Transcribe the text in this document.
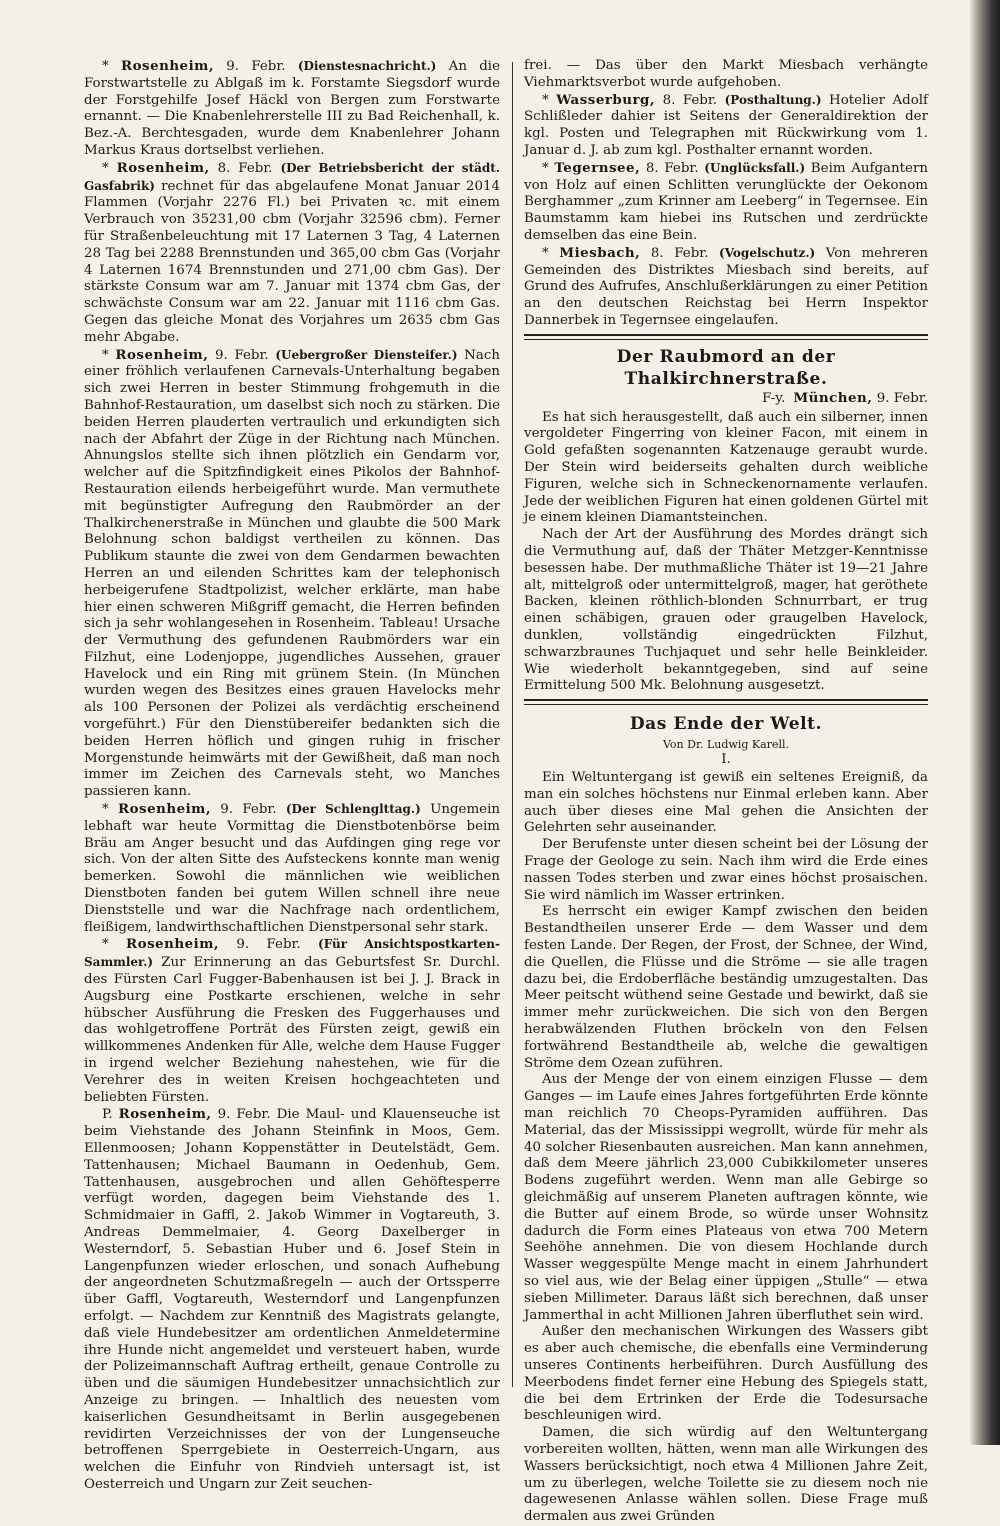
* Rosenheim, 9. Febr. (Dienstesnachricht.) An die Forstwartstelle zu Ablgaß im k. Forstamte Siegsdorf wurde der Forstgehilfe Josef Häckl von Bergen zum Forstwarte ernannt. — Die Knabenlehrerstelle III zu Bad Reichenhall, k. Bez.-A. Berchtesgaden, wurde dem Knabenlehrer Johann Markus Kraus dortselbst verliehen.

* Rosenheim, 8. Febr. (Der Betriebsbericht der städt. Gasfabrik) rechnet für das abgelaufene Monat Januar 2014 Flammen (Vorjahr 2276 Fl.) bei Privaten ꝛc. mit einem Verbrauch von 35231,00 cbm (Vorjahr 32596 cbm). Ferner für Straßenbeleuchtung mit 17 Laternen 3 Tag, 4 Laternen 28 Tag bei 2288 Brennstunden und 365,00 cbm Gas (Vorjahr 4 Laternen 1674 Brennstunden und 271,00 cbm Gas). Der stärkste Consum war am 7. Januar mit 1374 cbm Gas, der schwächste Consum war am 22. Januar mit 1116 cbm Gas. Gegen das gleiche Monat des Vorjahres um 2635 cbm Gas mehr Abgabe.

* Rosenheim, 9. Febr. (Uebergroßer Diensteifer.) Nach einer fröhlich verlaufenen Carnevals-Unterhaltung begaben sich zwei Herren in bester Stimmung frohgemuth in die Bahnhof-Restauration, um daselbst sich noch zu stärken. Die beiden Herren plauderten vertraulich und erkundigten sich nach der Abfahrt der Züge in der Richtung nach München. Ahnungslos stellte sich ihnen plötzlich ein Gendarm vor, welcher auf die Spitzfindigkeit eines Pikolos der Bahnhof-Restauration eilends herbeigeführt wurde. Man vermuthete mit begünstigter Aufregung den Raubmörder an der Thalkirchenerstraße in München und glaubte die 500 Mark Belohnung schon baldigst vertheilen zu können. Das Publikum staunte die zwei von dem Gendarmen bewachten Herren an und eilenden Schrittes kam der telephonisch herbeigerufene Stadtpolizist, welcher erklärte, man habe hier einen schweren Mißgriff gemacht, die Herren befinden sich ja sehr wohlangesehen in Rosenheim. Tableau! Ursache der Vermuthung des gefundenen Raubmörders war ein Filzhut, eine Lodenjoppe, jugendliches Aussehen, grauer Havelock und ein Ring mit grünem Stein. (In München wurden wegen des Besitzes eines grauen Havelocks mehr als 100 Personen der Polizei als verdächtig erscheinend vorgeführt.) Für den Dienstübereifer bedankten sich die beiden Herren höflich und gingen ruhig in frischer Morgenstunde heimwärts mit der Gewißheit, daß man noch immer im Zeichen des Carnevals steht, wo Manches passieren kann.

* Rosenheim, 9. Febr. (Der Schlenglttag.) Ungemein lebhaft war heute Vormittag die Dienstbotenbörse beim Bräu am Anger besucht und das Aufdingen ging rege vor sich. Von der alten Sitte des Aufsteckens konnte man wenig bemerken. Sowohl die männlichen wie weiblichen Dienstboten fanden bei gutem Willen schnell ihre neue Dienststelle und war die Nachfrage nach ordentlichem, fleißigem, landwirthschaftlichen Dienstpersonal sehr stark.

* Rosenheim, 9. Febr. (Für Ansichtspostkarten-Sammler.) Zur Erinnerung an das Geburtsfest Sr. Durchl. des Fürsten Carl Fugger-Babenhausen ist bei J. J. Brack in Augsburg eine Postkarte erschienen, welche in sehr hübscher Ausführung die Fresken des Fuggerhauses und das wohlgetroffene Porträt des Fürsten zeigt, gewiß ein willkommenes Andenken für Alle, welche dem Hause Fugger in irgend welcher Beziehung nahestehen, wie für die Verehrer des in weiten Kreisen hochgeachteten und beliebten Fürsten.

P. Rosenheim, 9. Febr. Die Maul- und Klauenseuche ist beim Viehstande des Johann Steinfink in Moos, Gem. Ellenmoosen; Johann Koppenstätter in Deutelstädt, Gem. Tattenhausen; Michael Baumann in Oedenhub, Gem. Tattenhausen, ausgebrochen und allen Gehöftesperre verfügt worden, dagegen beim Viehstande des 1. Schmidmaier in Gaffl, 2. Jakob Wimmer in Vogtareuth, 3. Andreas Demmelmaier, 4. Georg Daxelberger in Westerndorf, 5. Sebastian Huber und 6. Josef Stein in Langenpfunzen wieder erloschen, und sonach Aufhebung der angeordneten Schutzmaßregeln — auch der Ortssperre über Gaffl, Vogtareuth, Westerndorf und Langenpfunzen erfolgt. — Nachdem zur Kenntniß des Magistrats gelangte, daß viele Hundebesitzer am ordentlichen Anmeldetermine ihre Hunde nicht angemeldet und versteuert haben, wurde der Polizeimannschaft Auftrag ertheilt, genaue Controlle zu üben und die säumigen Hundebesitzer unnachsichtlich zur Anzeige zu bringen. — Inhaltlich des neuesten vom kaiserlichen Gesundheitsamt in Berlin ausgegebenen revidirten Verzeichnisses der von der Lungenseuche betroffenen Sperrgebiete in Oesterreich-Ungarn, aus welchen die Einfuhr von Rindvieh untersagt ist, ist Oesterreich und Ungarn zur Zeit seuchen-

frei. — Das über den Markt Miesbach verhängte Viehmarktsverbot wurde aufgehoben.

* Wasserburg, 8. Febr. (Posthaltung.) Hotelier Adolf Schlißleder dahier ist Seitens der Generaldirektion der kgl. Posten und Telegraphen mit Rückwirkung vom 1. Januar d. J. ab zum kgl. Posthalter ernannt worden.

* Tegernsee, 8. Febr. (Unglücksfall.) Beim Aufgantern von Holz auf einen Schlitten verunglückte der Oekonom Berghammer „zum Krinner am Leeberg“ in Tegernsee. Ein Baumstamm kam hiebei ins Rutschen und zerdrückte demselben das eine Bein.

* Miesbach, 8. Febr. (Vogelschutz.) Von mehreren Gemeinden des Distriktes Miesbach sind bereits, auf Grund des Aufrufes, Anschlußerklärungen zu einer Petition an den deutschen Reichstag bei Herrn Inspektor Dannerbek in Tegernsee eingelaufen.

Der Raubmord an der Thalkirchnerstraße.

F-y. München, 9. Febr.

Es hat sich herausgestellt, daß auch ein silberner, innen vergoldeter Fingerring von kleiner Facon, mit einem in Gold gefaßten sogenannten Katzenauge geraubt wurde. Der Stein wird beiderseits gehalten durch weibliche Figuren, welche sich in Schneckenornamente verlaufen. Jede der weiblichen Figuren hat einen goldenen Gürtel mit je einem kleinen Diamantsteinchen.

Nach der Art der Ausführung des Mordes drängt sich die Vermuthung auf, daß der Thäter Metzger-Kenntnisse besessen habe. Der muthmaßliche Thäter ist 19—21 Jahre alt, mittelgroß oder untermittelgroß, mager, hat geröthete Backen, kleinen röthlich-blonden Schnurrbart, er trug einen schäbigen, grauen oder graugelben Havelock, dunklen, vollständig eingedrückten Filzhut, schwarzbraunes Tuchjaquet und sehr helle Beinkleider. Wie wiederholt bekanntgegeben, sind auf seine Ermittelung 500 Mk. Belohnung ausgesetzt.

Das Ende der Welt.

Von Dr. Ludwig Karell.

I.

Ein Weltuntergang ist gewiß ein seltenes Ereigniß, da man ein solches höchstens nur Einmal erleben kann. Aber auch über dieses eine Mal gehen die Ansichten der Gelehrten sehr auseinander.

Der Berufenste unter diesen scheint bei der Lösung der Frage der Geologe zu sein. Nach ihm wird die Erde eines nassen Todes sterben und zwar eines höchst prosaischen. Sie wird nämlich im Wasser ertrinken.

Es herrscht ein ewiger Kampf zwischen den beiden Bestandtheilen unserer Erde — dem Wasser und dem festen Lande. Der Regen, der Frost, der Schnee, der Wind, die Quellen, die Flüsse und die Ströme — sie alle tragen dazu bei, die Erdoberfläche beständig umzugestalten. Das Meer peitscht wüthend seine Gestade und bewirkt, daß sie immer mehr zurückweichen. Die sich von den Bergen herabwälzenden Fluthen bröckeln von den Felsen fortwährend Bestandtheile ab, welche die gewaltigen Ströme dem Ozean zuführen.

Aus der Menge der von einem einzigen Flusse — dem Ganges — im Laufe eines Jahres fortgeführten Erde könnte man reichlich 70 Cheops-Pyramiden aufführen. Das Material, das der Mississippi wegrollt, würde für mehr als 40 solcher Riesenbauten ausreichen. Man kann annehmen, daß dem Meere jährlich 23,000 Cubikkilometer unseres Bodens zugeführt werden. Wenn man alle Gebirge so gleichmäßig auf unserem Planeten auftragen könnte, wie die Butter auf einem Brode, so würde unser Wohnsitz dadurch die Form eines Plateaus von etwa 700 Metern Seehöhe annehmen. Die von diesem Hochlande durch Wasser weggespülte Menge macht in einem Jahrhundert so viel aus, wie der Belag einer üppigen „Stulle“ — etwa sieben Millimeter. Daraus läßt sich berechnen, daß unser Jammerthal in acht Millionen Jahren überfluthet sein wird.

Außer den mechanischen Wirkungen des Wassers gibt es aber auch chemische, die ebenfalls eine Verminderung unseres Continents herbeiführen. Durch Ausfüllung des Meerbodens findet ferner eine Hebung des Spiegels statt, die bei dem Ertrinken der Erde die Todesursache beschleunigen wird.

Damen, die sich würdig auf den Weltuntergang vorbereiten wollten, hätten, wenn man alle Wirkungen des Wassers berücksichtigt, noch etwa 4 Millionen Jahre Zeit, um zu überlegen, welche Toilette sie zu diesem noch nie dagewesenen Anlasse wählen sollen. Diese Frage muß dermalen aus zwei Gründen
